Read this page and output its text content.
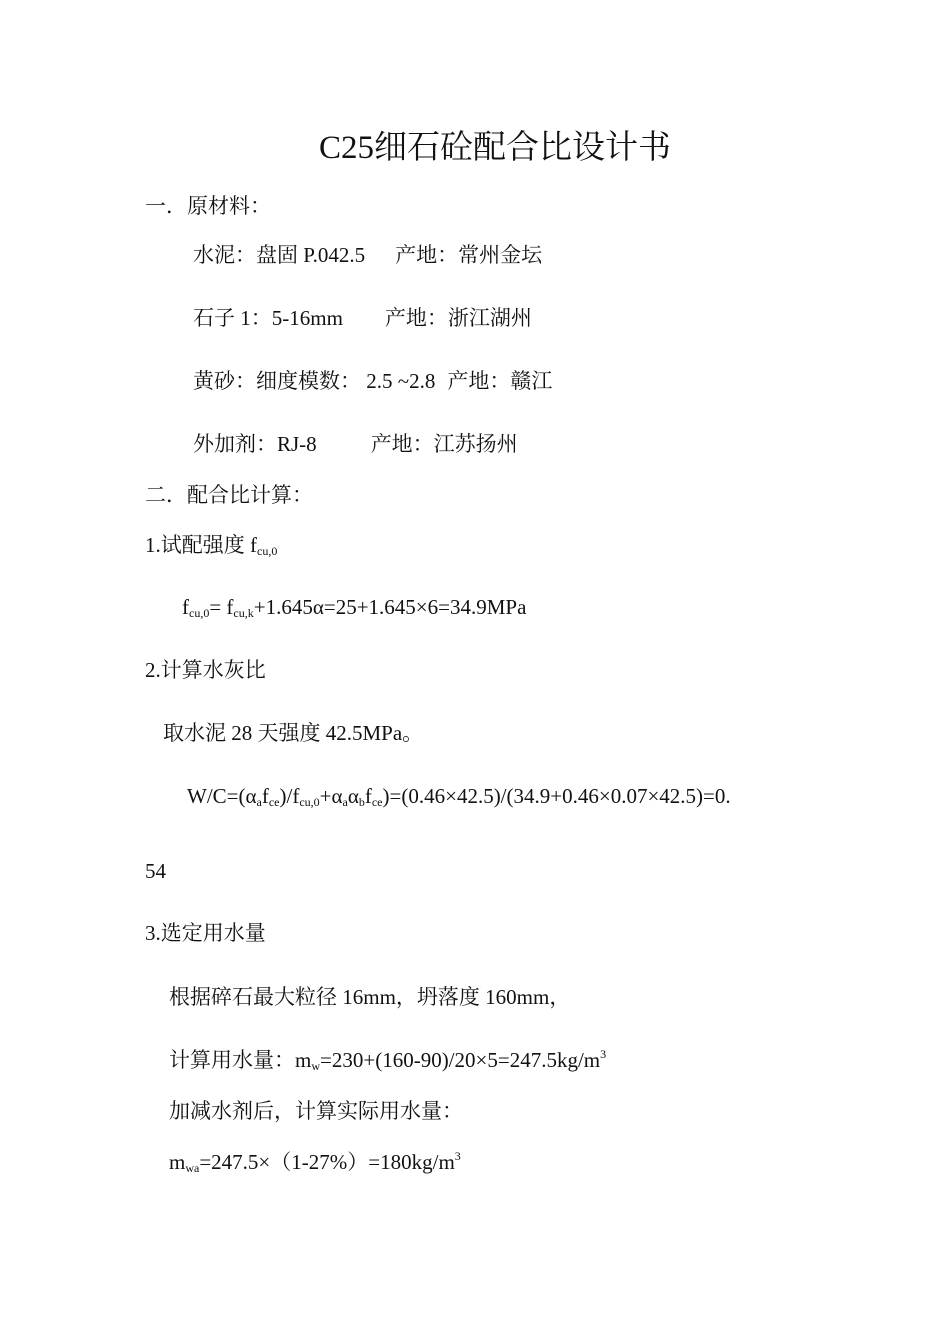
C25细石砼配合比设计书
一．原材料：
水泥：盘固 P.042.5 产地：常州金坛
石子 1：5-16mm 产地：浙江湖州
黄砂：细度模数： 2.5 ~2.8 产地：赣江
外加剂：RJ-8	产地：江苏扬州
二．配合比计算：
1.试配强度 $f_{cu,0}$
$f_{cu,0}= f_{cu,k}+1.645\alpha=25+1.645\times 6=34.9MPa$
2.计算水灰比
取水泥 28 天强度 42.5MPa。
$W/C=(\alpha_af_{ce})/f_{cu,0}+\alpha_a\alpha_bf_{ce})=(0.46\times 42.5)/(34.9+0.46\times 0.07\times 42.5)=0$.
54
3.选定用水量
根据碎石最大粒径 16mm，坍落度 160mm，
计算用水量：$m_w=230+(160-90)/20\times 5=247.5kg/m^3$
加减水剂后，计算实际用水量：
$m_{wa}=247.5\times(1-27\%)=180kg/m^3$
